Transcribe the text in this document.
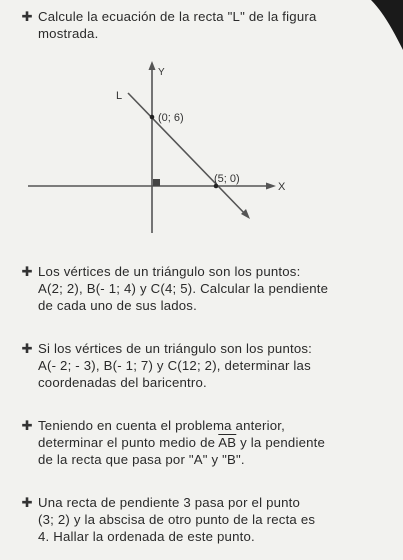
✚ Calcule la ecuación de la recta "L" de la figura
mostrada.
Y
X
L
(0; 6)
(5; 0)
✚ Los vértices de un triángulo son los puntos:
A(2; 2), B(- 1; 4) y C(4; 5). Calcular la pendiente
de cada uno de sus lados.
✚ Si los vértices de un triángulo son los puntos:
A(- 2; - 3), B(- 1; 7) y C(12; 2), determinar las
coordenadas del baricentro.
✚ Teniendo en cuenta el problema anterior,
determinar el punto medio de $\overline{AB}$ y la pendiente
de la recta que pasa por "A" y "B".
✚ Una recta de pendiente 3 pasa por el punto
(3; 2) y la abscisa de otro punto de la recta es
4. Hallar la ordenada de este punto.
